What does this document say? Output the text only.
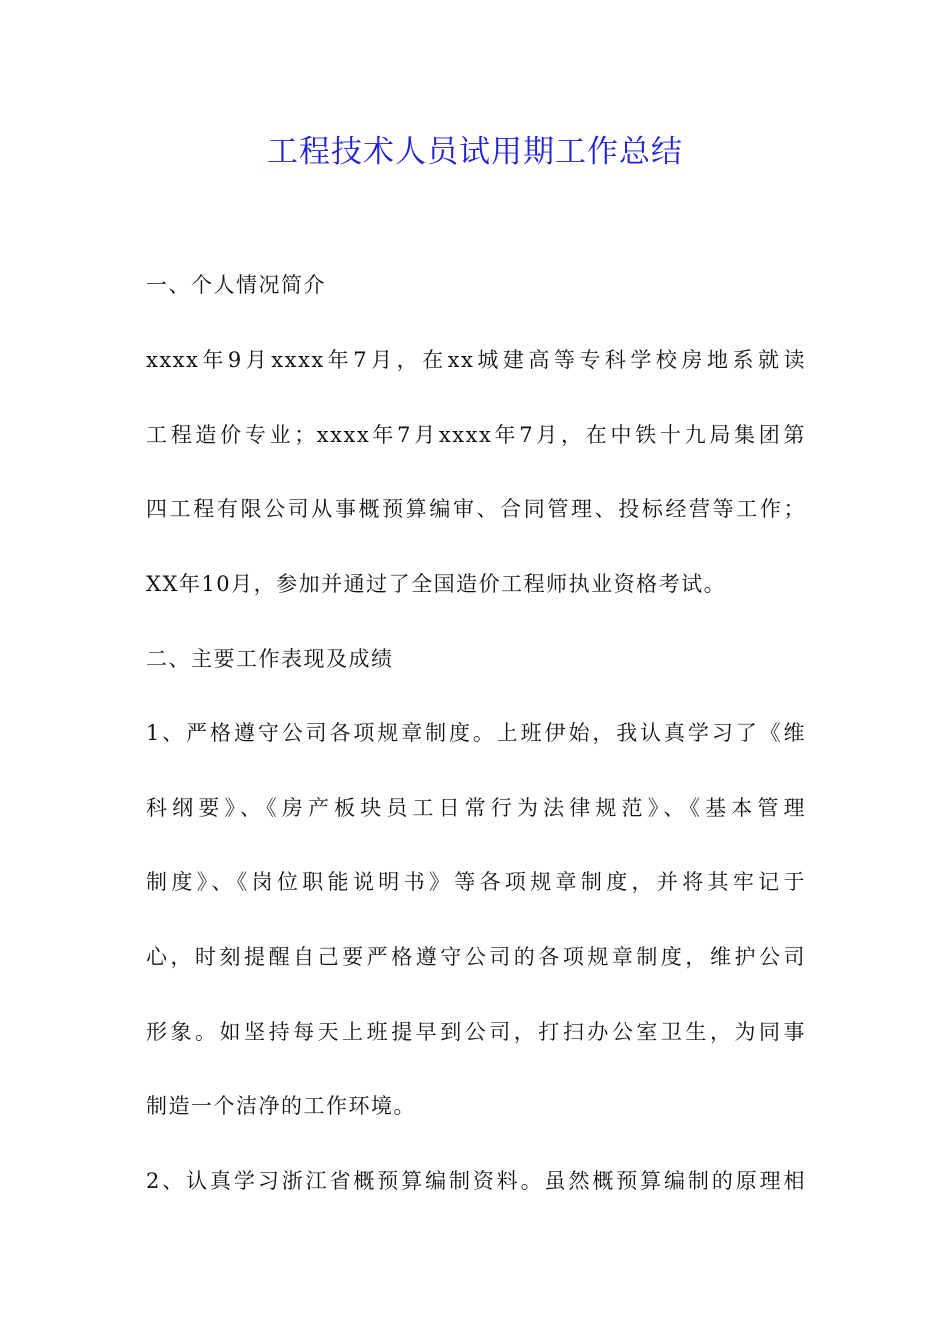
工程技术人员试用期工作总结
一、个人情况简介
xxxx年9月xxxx年7月，在xx城建高等专科学校房地系就读
工程造价专业；xxxx年7月xxxx年7月，在中铁十九局集团第
四工程有限公司从事概预算编审、合同管理、投标经营等工作；
XX年10月，参加并通过了全国造价工程师执业资格考试。
二、主要工作表现及成绩
1、严格遵守公司各项规章制度。上班伊始，我认真学习了《维
科纲要》、《房产板块员工日常行为法律规范》、《基本管理
制度》、《岗位职能说明书》等各项规章制度，并将其牢记于
心，时刻提醒自己要严格遵守公司的各项规章制度，维护公司
形象。如坚持每天上班提早到公司，打扫办公室卫生，为同事
制造一个洁净的工作环境。
2、认真学习浙江省概预算编制资料。虽然概预算编制的原理相
